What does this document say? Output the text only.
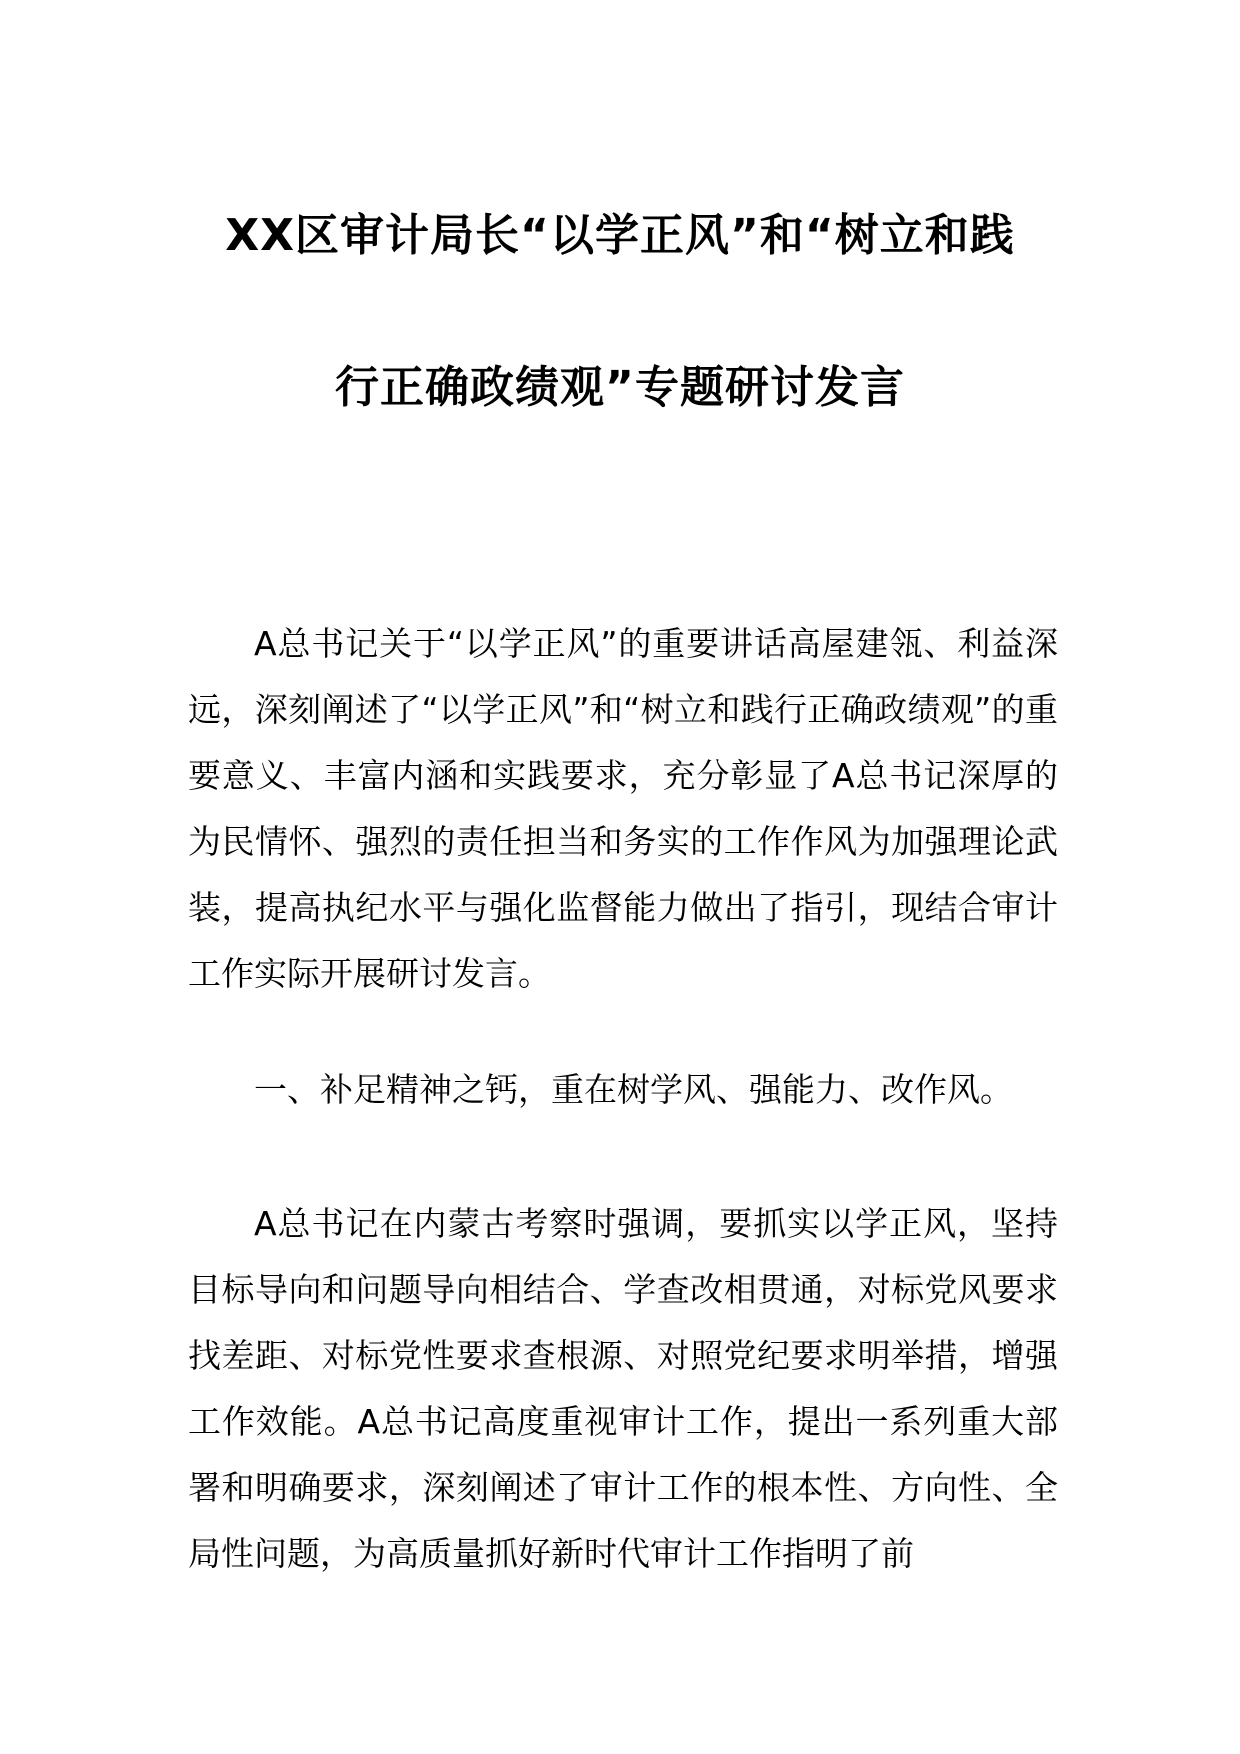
XX区审计局长“以学正风”和“树立和践
行正确政绩观”专题研讨发言

A总书记关于“以学正风”的重要讲话高屋建瓴、利益深远，深刻阐述了“以学正风”和“树立和践行正确政绩观”的重要意义、丰富内涵和实践要求，充分彰显了A总书记深厚的为民情怀、强烈的责任担当和务实的工作作风为加强理论武装，提高执纪水平与强化监督能力做出了指引，现结合审计工作实际开展研讨发言。

一、补足精神之钙，重在树学风、强能力、改作风。

A总书记在内蒙古考察时强调，要抓实以学正风，坚持目标导向和问题导向相结合、学查改相贯通，对标党风要求找差距、对标党性要求查根源、对照党纪要求明举措，增强工作效能。A总书记高度重视审计工作，提出一系列重大部署和明确要求，深刻阐述了审计工作的根本性、方向性、全局性问题，为高质量抓好新时代审计工作指明了前
